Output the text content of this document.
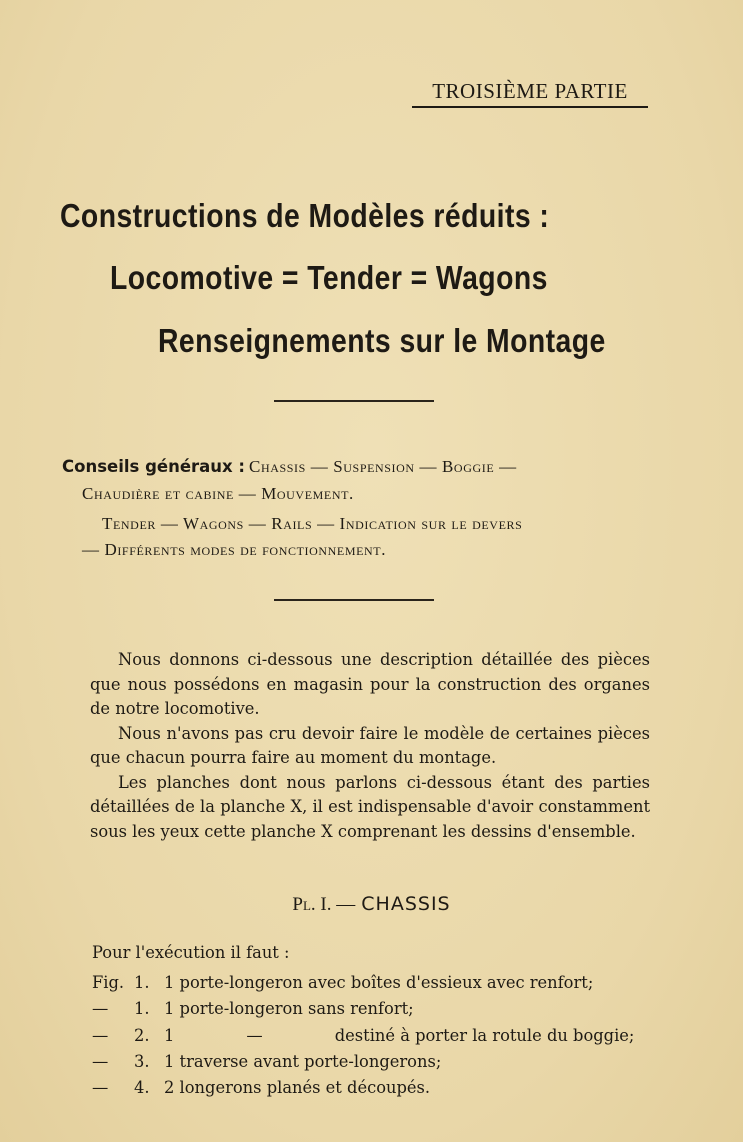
TROISIÈME PARTIE
Constructions de Modèles réduits :
Locomotive = Tender = Wagons
Renseignements sur le Montage
Conseils généraux : Chassis — Suspension — Boggie —
Chaudière et cabine — Mouvement.
Tender — Wagons — Rails — Indication sur le devers
— Différents modes de fonctionnement.

Nous donnons ci-dessous une description détaillée des pièces que nous possédons en magasin pour la construction des organes de notre locomotive.

Nous n'avons pas cru devoir faire le modèle de certaines pièces que chacun pourra faire au moment du montage.

Les planches dont nous parlons ci-dessous étant des parties détaillées de la planche X, il est indispensable d'avoir constamment sous les yeux cette planche X comprenant les dessins d'ensemble.

Pl. I. — CHASSIS
Pour l'exécution il faut :
Fig. 1. 1 porte-longeron avec boîtes d'essieux avec renfort;
—	1. 1 porte-longeron sans renfort;
—	2. 1	—	destiné à porter la rotule du boggie;
—	3. 1 traverse avant porte-longerons;
—	4. 2 longerons planés et découpés.
